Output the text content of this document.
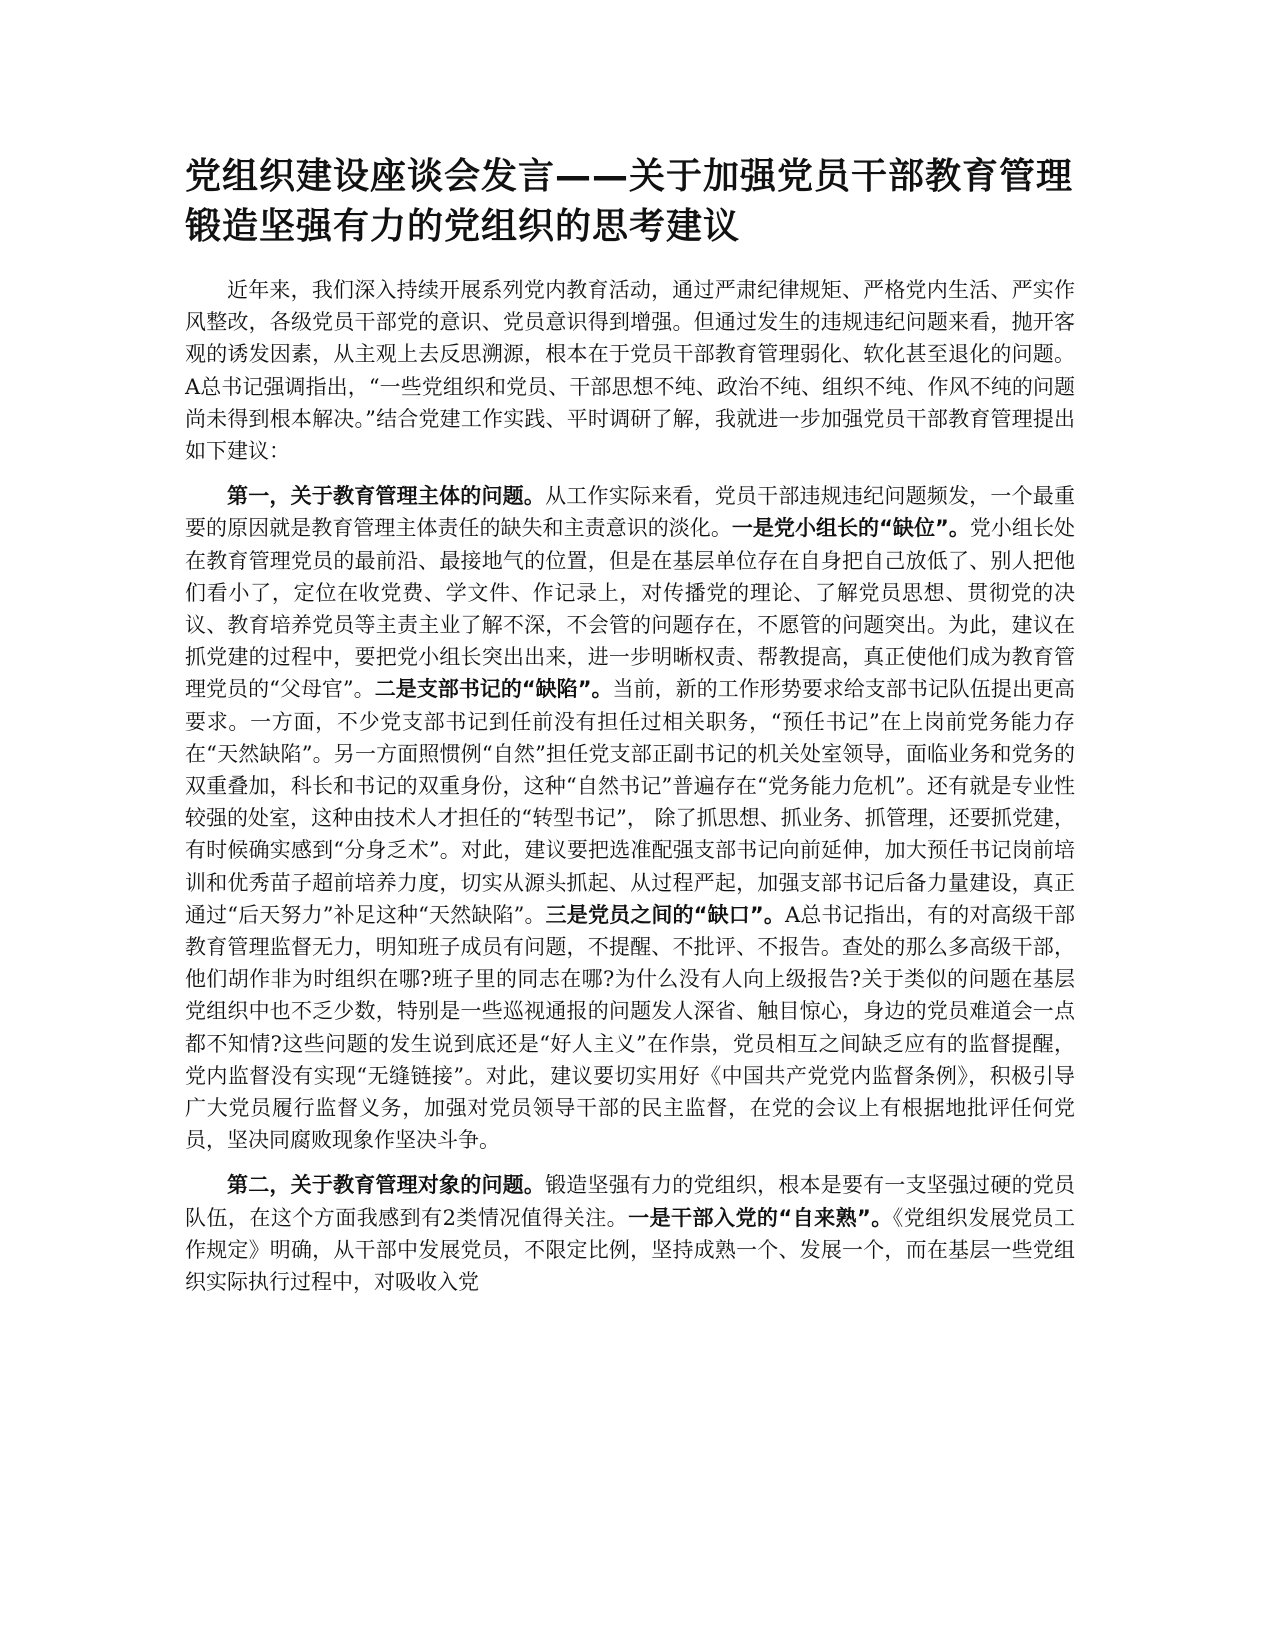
党组织建设座谈会发言——关于加强党员干部教育管理锻造坚强有力的党组织的思考建议

近年来，我们深入持续开展系列党内教育活动，通过严肃纪律规矩、严格党内生活、严实作风整改，各级党员干部党的意识、党员意识得到增强。但通过发生的违规违纪问题来看，抛开客观的诱发因素，从主观上去反思溯源，根本在于党员干部教育管理弱化、软化甚至退化的问题。A总书记强调指出，“一些党组织和党员、干部思想不纯、政治不纯、组织不纯、作风不纯的问题尚未得到根本解决。”结合党建工作实践、平时调研了解，我就进一步加强党员干部教育管理提出如下建议：

第一，关于教育管理主体的问题。从工作实际来看，党员干部违规违纪问题频发，一个最重要的原因就是教育管理主体责任的缺失和主责意识的淡化。一是党小组长的“缺位”。党小组长处在教育管理党员的最前沿、最接地气的位置，但是在基层单位存在自身把自己放低了、别人把他们看小了，定位在收党费、学文件、作记录上，对传播党的理论、了解党员思想、贯彻党的决议、教育培养党员等主责主业了解不深，不会管的问题存在，不愿管的问题突出。为此，建议在抓党建的过程中，要把党小组长突出出来，进一步明晰权责、帮教提高，真正使他们成为教育管理党员的“父母官”。二是支部书记的“缺陷”。当前，新的工作形势要求给支部书记队伍提出更高要求。一方面，不少党支部书记到任前没有担任过相关职务，“预任书记”在上岗前党务能力存在“天然缺陷”。另一方面照惯例“自然”担任党支部正副书记的机关处室领导，面临业务和党务的双重叠加，科长和书记的双重身份，这种“自然书记”普遍存在“党务能力危机”。还有就是专业性较强的处室，这种由技术人才担任的“转型书记”， 除了抓思想、抓业务、抓管理，还要抓党建，有时候确实感到“分身乏术”。对此，建议要把选准配强支部书记向前延伸，加大预任书记岗前培训和优秀苗子超前培养力度，切实从源头抓起、从过程严起，加强支部书记后备力量建设，真正通过“后天努力”补足这种“天然缺陷”。三是党员之间的“缺口”。A总书记指出，有的对高级干部教育管理监督无力，明知班子成员有问题，不提醒、不批评、不报告。查处的那么多高级干部，他们胡作非为时组织在哪?班子里的同志在哪?为什么没有人向上级报告?关于类似的问题在基层党组织中也不乏少数，特别是一些巡视通报的问题发人深省、触目惊心，身边的党员难道会一点都不知情?这些问题的发生说到底还是“好人主义”在作祟，党员相互之间缺乏应有的监督提醒，党内监督没有实现“无缝链接”。对此，建议要切实用好《中国共产党党内监督条例》，积极引导广大党员履行监督义务，加强对党员领导干部的民主监督，在党的会议上有根据地批评任何党员，坚决同腐败现象作坚决斗争。

第二，关于教育管理对象的问题。锻造坚强有力的党组织，根本是要有一支坚强过硬的党员队伍，在这个方面我感到有2类情况值得关注。一是干部入党的“自来熟”。《党组织发展党员工作规定》明确，从干部中发展党员，不限定比例，坚持成熟一个、发展一个，而在基层一些党组织实际执行过程中，对吸收入党
